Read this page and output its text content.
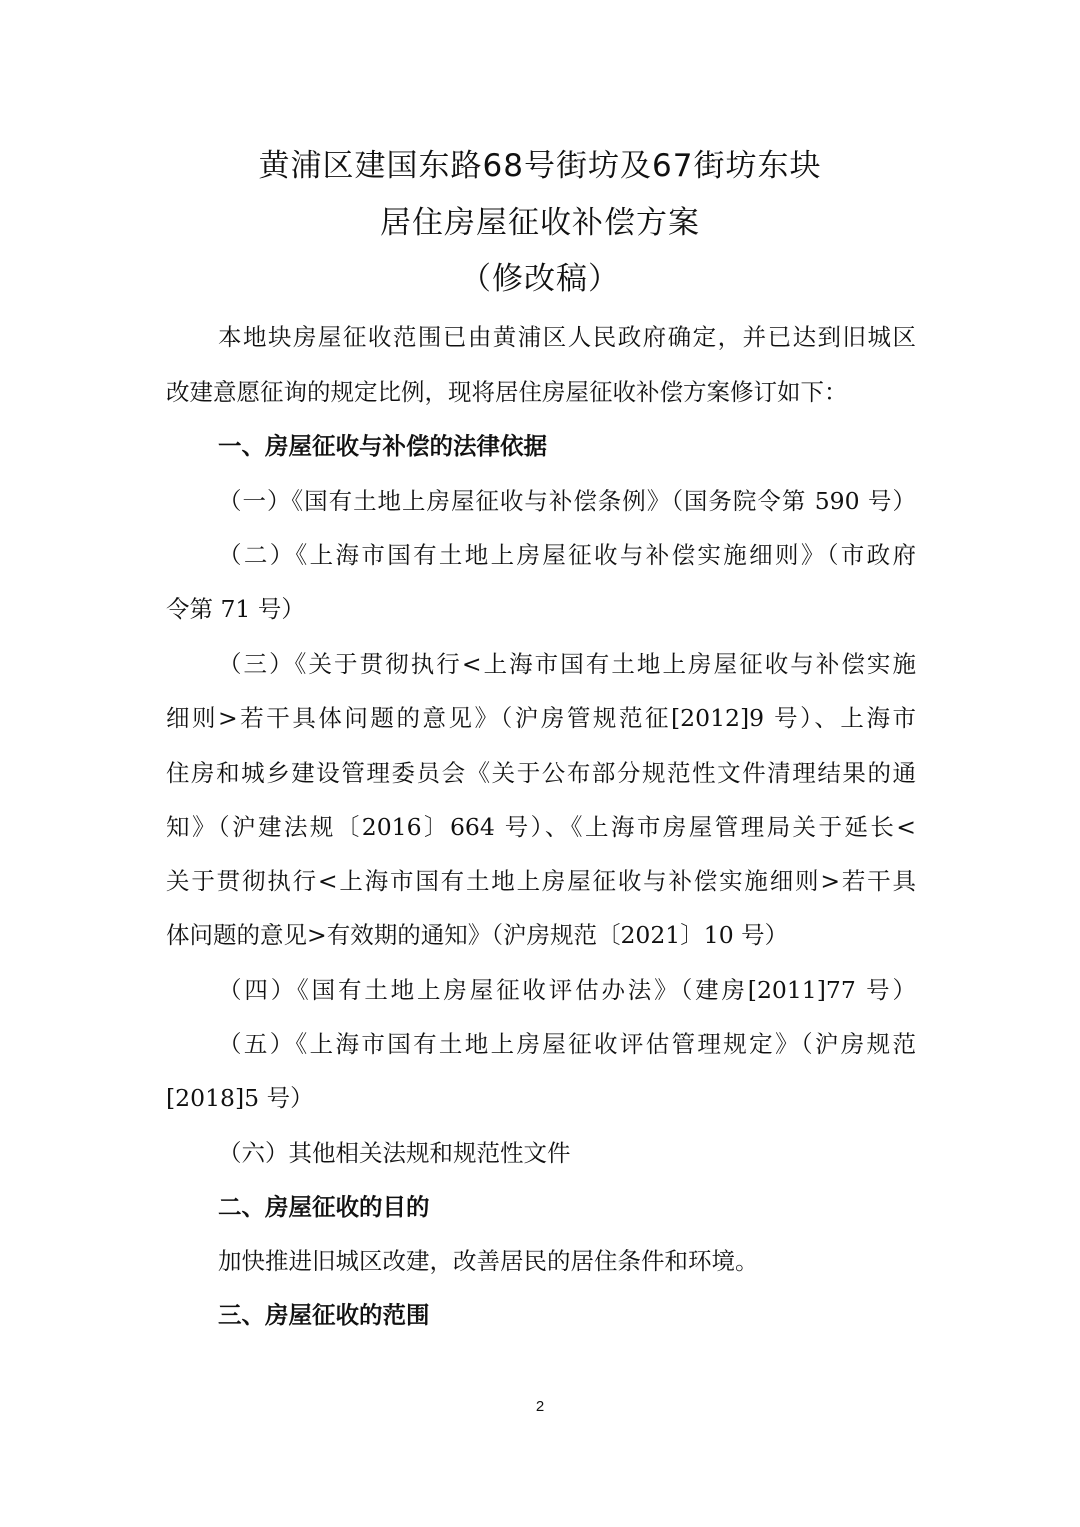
黄浦区建国东路68号街坊及67街坊东块
居住房屋征收补偿方案
（修改稿）
本地块房屋征收范围已由黄浦区人民政府确定，并已达到旧城区
改建意愿征询的规定比例，现将居住房屋征收补偿方案修订如下：
一、房屋征收与补偿的法律依据
（一）《国有土地上房屋征收与补偿条例》（国务院令第 590 号）
（二）《上海市国有土地上房屋征收与补偿实施细则》（市政府
令第 71 号）
（三）《关于贯彻执行<上海市国有土地上房屋征收与补偿实施
细则>若干具体问题的意见》（沪房管规范征[2012]9 号）、上海市
住房和城乡建设管理委员会《关于公布部分规范性文件清理结果的通
知》（沪建法规〔2016〕664 号）、《上海市房屋管理局关于延长<
关于贯彻执行<上海市国有土地上房屋征收与补偿实施细则>若干具
体问题的意见>有效期的通知》（沪房规范〔2021〕10 号）
（四）《国有土地上房屋征收评估办法》（建房[2011]77 号）
（五）《上海市国有土地上房屋征收评估管理规定》（沪房规范
[2018]5 号）
（六）其他相关法规和规范性文件
二、房屋征收的目的
加快推进旧城区改建，改善居民的居住条件和环境。
三、房屋征收的范围
2
